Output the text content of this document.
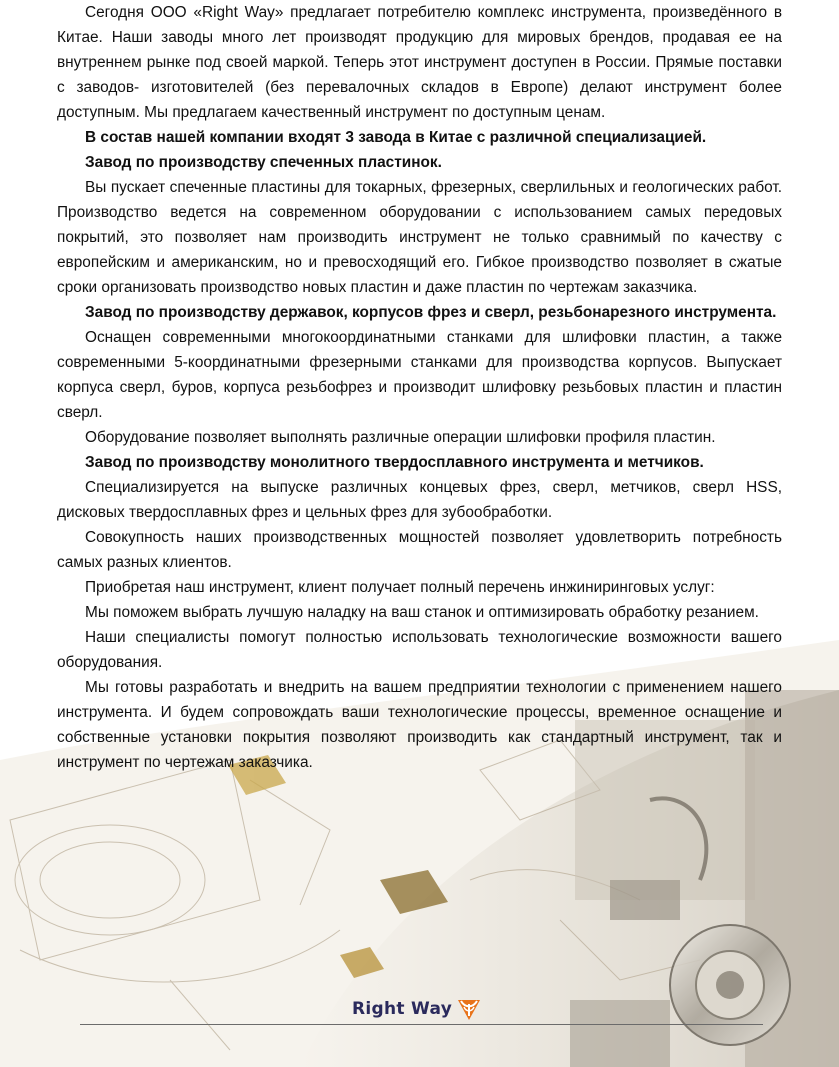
Сегодня ООО «Right Way» предлагает потребителю комплекс инструмента, произведённого в Китае. Наши заводы много лет производят продукцию для мировых брендов, продавая ее на внутреннем рынке под своей маркой. Теперь этот инструмент доступен в России. Прямые поставки с заводов- изготовителей (без перевалочных складов в Европе) делают инструмент более доступным. Мы предлагаем качественный инструмент по доступным ценам.

В состав нашей компании входят 3 завода в Китае с различной специализацией.

Завод по производству спеченных пластинок.

Вы пускает спеченные пластины для токарных, фрезерных, сверлильных и геологических работ. Производство ведется на современном оборудовании с использованием самых передовых покрытий, это позволяет нам производить инструмент не только сравнимый по качеству с европейским и американским, но и превосходящий его. Гибкое производство позволяет в сжатые сроки организовать производство новых пластин и даже пластин по чертежам заказчика.

Завод по производству державок, корпусов фрез и сверл, резьбонарезного инструмента.

Оснащен современными многокоординатными станками для шлифовки пластин, а также современными 5-координатными фрезерными станками для производства корпусов. Выпускает корпуса сверл, буров, корпуса резьбофрез и производит шлифовку резьбовых пластин и пластин сверл.

Оборудование позволяет выполнять различные операции шлифовки профиля пластин.

Завод по производству монолитного твердосплавного инструмента и метчиков.

Специализируется на выпуске различных концевых фрез, сверл, метчиков, сверл HSS, дисковых твердосплавных фрез и цельных фрез для зубообработки.

Совокупность наших производственных мощностей позволяет удовлетворить потребность самых разных клиентов.

Приобретая наш инструмент, клиент получает полный перечень инжиниринговых услуг:

Мы поможем выбрать лучшую наладку на ваш станок и оптимизировать обработку резанием.

Наши специалисты помогут полностью использовать технологические возможности вашего оборудования.

Мы готовы разработать и внедрить на вашем предприятии технологии с применением нашего инструмента. И будем сопровождать ваши технологические процессы, временное оснащение и собственные установки покрытия позволяют производить как стандартный инструмент, так и инструмент по чертежам заказчика.

Right Way
